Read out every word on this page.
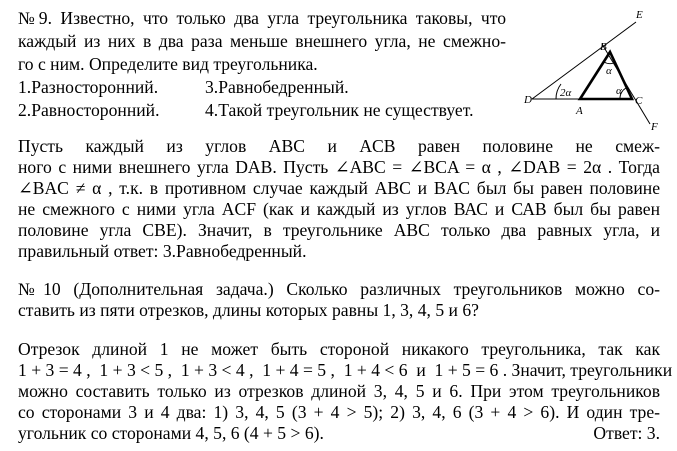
№9. Известно, что только два угла треугольника таковы, что
каждый из них в два раза меньше внешнего угла, не смежно-
го с ним. Определите вид треугольника.
1.Разносторонний.	3.Равнобедренный.
2.Равносторонний.	4.Такой треугольник не существует.
E
B
D
A
C
F
2α
α
α
Пусть каждый из углов ABC и ACB равен половине не смеж-
ного с ними внешнего угла DAB. Пусть ∠ABC = ∠BCA = α , ∠DAB = 2α . Тогда
∠BAC ≠ α , т.к. в противном случае каждый ABC и BAC был бы равен половине
не смежного с ними угла ACF (как и каждый из углов ВАС и САВ был бы равен
половине угла CBE). Значит, в треугольнике АВС только два равных угла, и
правильный ответ: 3.Равнобедренный.
№10 (Дополнительная задача.) Сколько различных треугольников можно со-
ставить из пяти отрезков, длины которых равны 1, 3, 4, 5 и 6?
Отрезок длиной 1 не может быть стороной никакого треугольника, так как
1 + 3 = 4 ,  1 + 3 < 5 ,  1 + 3 < 4 ,  1 + 4 = 5 ,  1 + 4 < 6  и  1 + 5 = 6 . Значит, треугольники
можно составить только из отрезков длиной 3, 4, 5 и 6. При этом треугольников
со сторонами 3 и 4 два: 1) 3, 4, 5 (3 + 4 > 5); 2) 3, 4, 6 (3 + 4 > 6). И один тре-
угольник со сторонами 4, 5, 6 (4 + 5 > 6).	Ответ: 3.
